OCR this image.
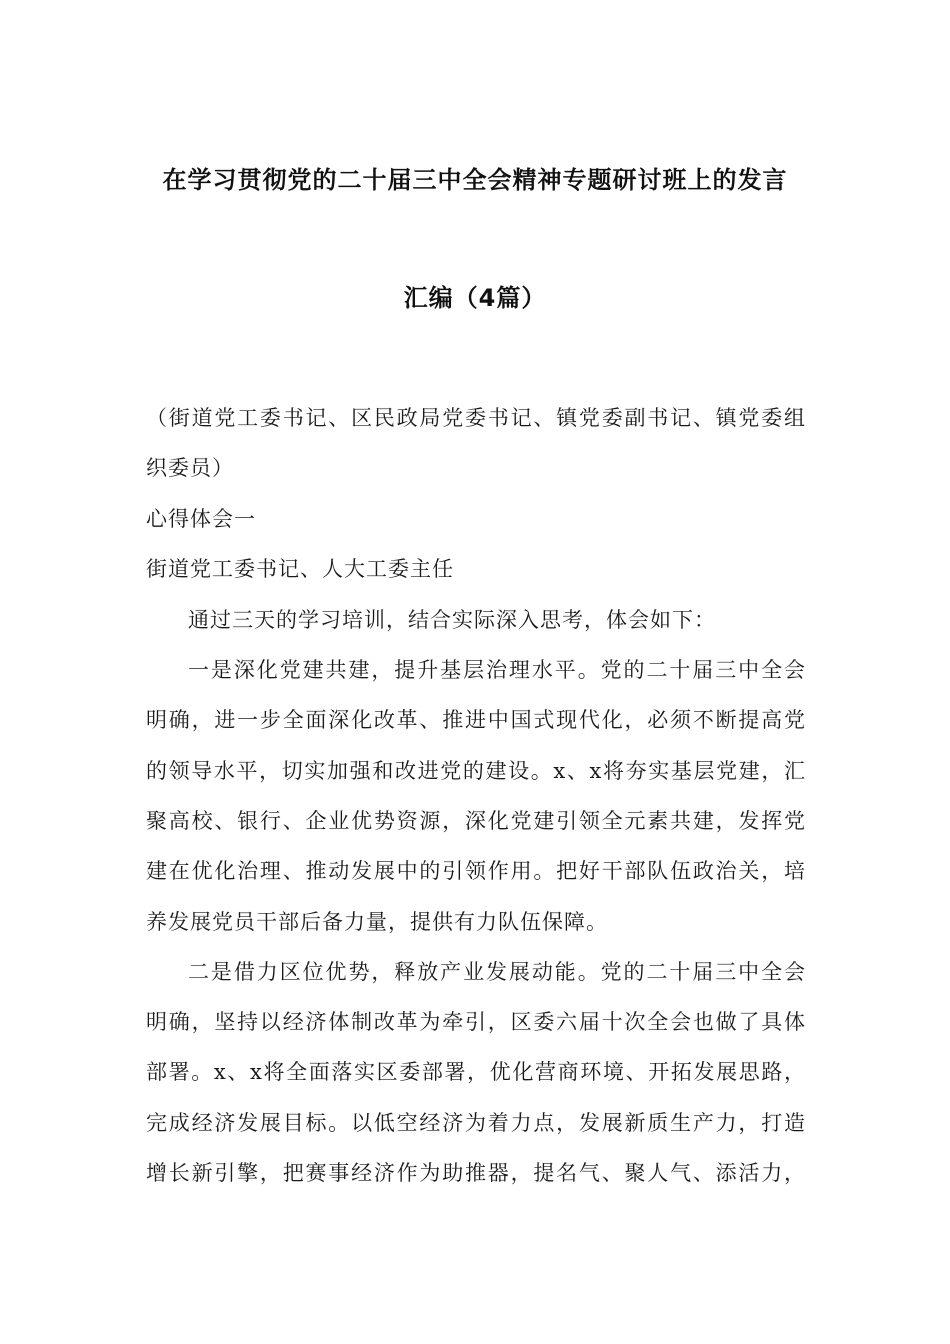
在学习贯彻党的二十届三中全会精神专题研讨班上的发言
汇编（4篇）
（街道党工委书记、区民政局党委书记、镇党委副书记、镇党委组
织委员）
心得体会一
街道党工委书记、人大工委主任
通过三天的学习培训，结合实际深入思考，体会如下：
一是深化党建共建，提升基层治理水平。党的二十届三中全会
明确，进一步全面深化改革、推进中国式现代化，必须不断提高党
的领导水平，切实加强和改进党的建设。x、x将夯实基层党建，汇
聚高校、银行、企业优势资源，深化党建引领全元素共建，发挥党
建在优化治理、推动发展中的引领作用。把好干部队伍政治关，培
养发展党员干部后备力量，提供有力队伍保障。
二是借力区位优势，释放产业发展动能。党的二十届三中全会
明确，坚持以经济体制改革为牵引，区委六届十次全会也做了具体
部署。x、x将全面落实区委部署，优化营商环境、开拓发展思路，
完成经济发展目标。以低空经济为着力点，发展新质生产力，打造
增长新引擎，把赛事经济作为助推器，提名气、聚人气、添活力，
